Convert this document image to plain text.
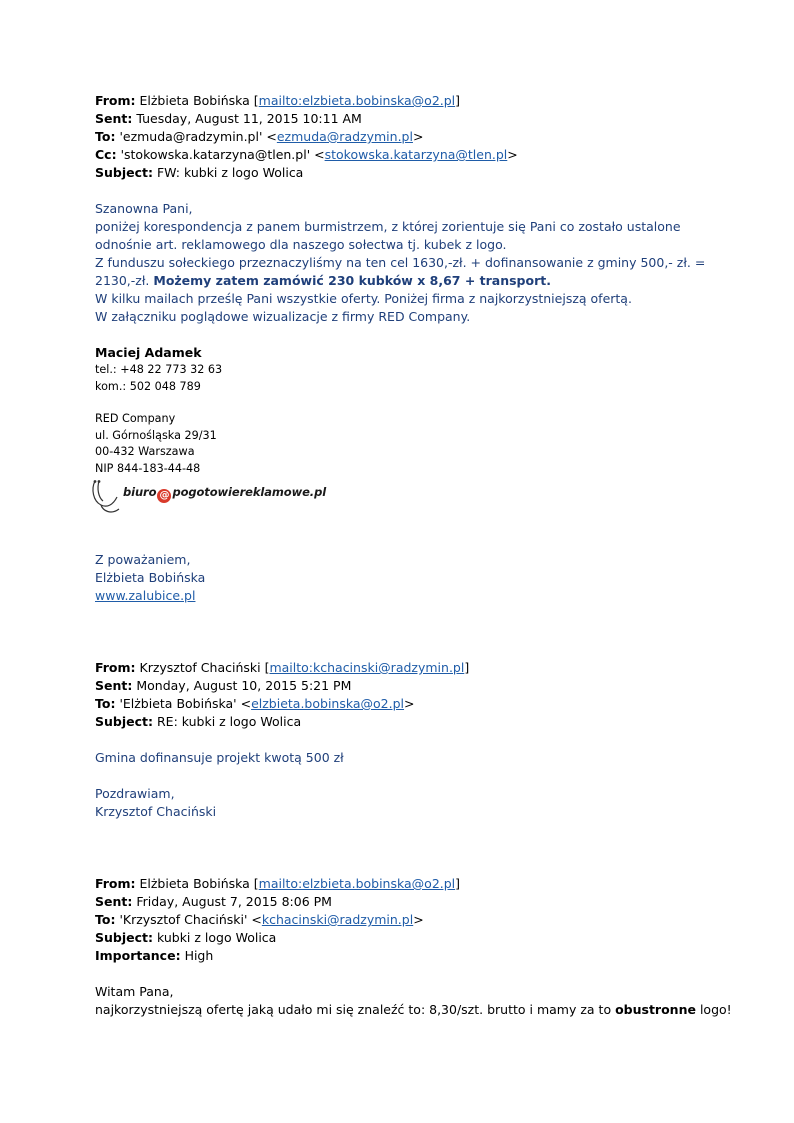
From: Elżbieta Bobińska [mailto:elzbieta.bobinska@o2.pl]
Sent: Tuesday, August 11, 2015 10:11 AM
To: 'ezmuda@radzymin.pl' <ezmuda@radzymin.pl>
Cc: 'stokowska.katarzyna@tlen.pl' <stokowska.katarzyna@tlen.pl>
Subject: FW: kubki z logo Wolica
Szanowna Pani,
poniżej korespondencja z panem burmistrzem, z której zorientuje się Pani co zostało ustalone
odnośnie art. reklamowego dla naszego sołectwa tj. kubek z logo.
Z funduszu sołeckiego przeznaczyliśmy na ten cel 1630,-zł. + dofinansowanie z gminy 500,- zł. =
2130,-zł. Możemy zatem zamówić 230 kubków x 8,67 + transport.
W kilku mailach prześlę Pani wszystkie oferty. Poniżej firma z najkorzystniejszą ofertą.
W załączniku poglądowe wizualizacje z firmy RED Company.
Maciej Adamek
tel.: +48 22 773 32 63
kom.: 502 048 789
RED Company
ul. Górnośląska 29/31
00-432 Warszawa
NIP 844-183-44-48
biuro @ pogotowiereklamowe.pl
Z poważaniem,
Elżbieta Bobińska
www.zalubice.pl
From: Krzysztof Chaciński [mailto:kchacinski@radzymin.pl]
Sent: Monday, August 10, 2015 5:21 PM
To: 'Elżbieta Bobińska' <elzbieta.bobinska@o2.pl>
Subject: RE: kubki z logo Wolica
Gmina dofinansuje projekt kwotą 500 zł
Pozdrawiam,
Krzysztof Chaciński
From: Elżbieta Bobińska [mailto:elzbieta.bobinska@o2.pl]
Sent: Friday, August 7, 2015 8:06 PM
To: 'Krzysztof Chaciński' <kchacinski@radzymin.pl>
Subject: kubki z logo Wolica
Importance: High
Witam Pana,
najkorzystniejszą ofertę jaką udało mi się znaleźć to: 8,30/szt. brutto i mamy za to obustronne logo!
